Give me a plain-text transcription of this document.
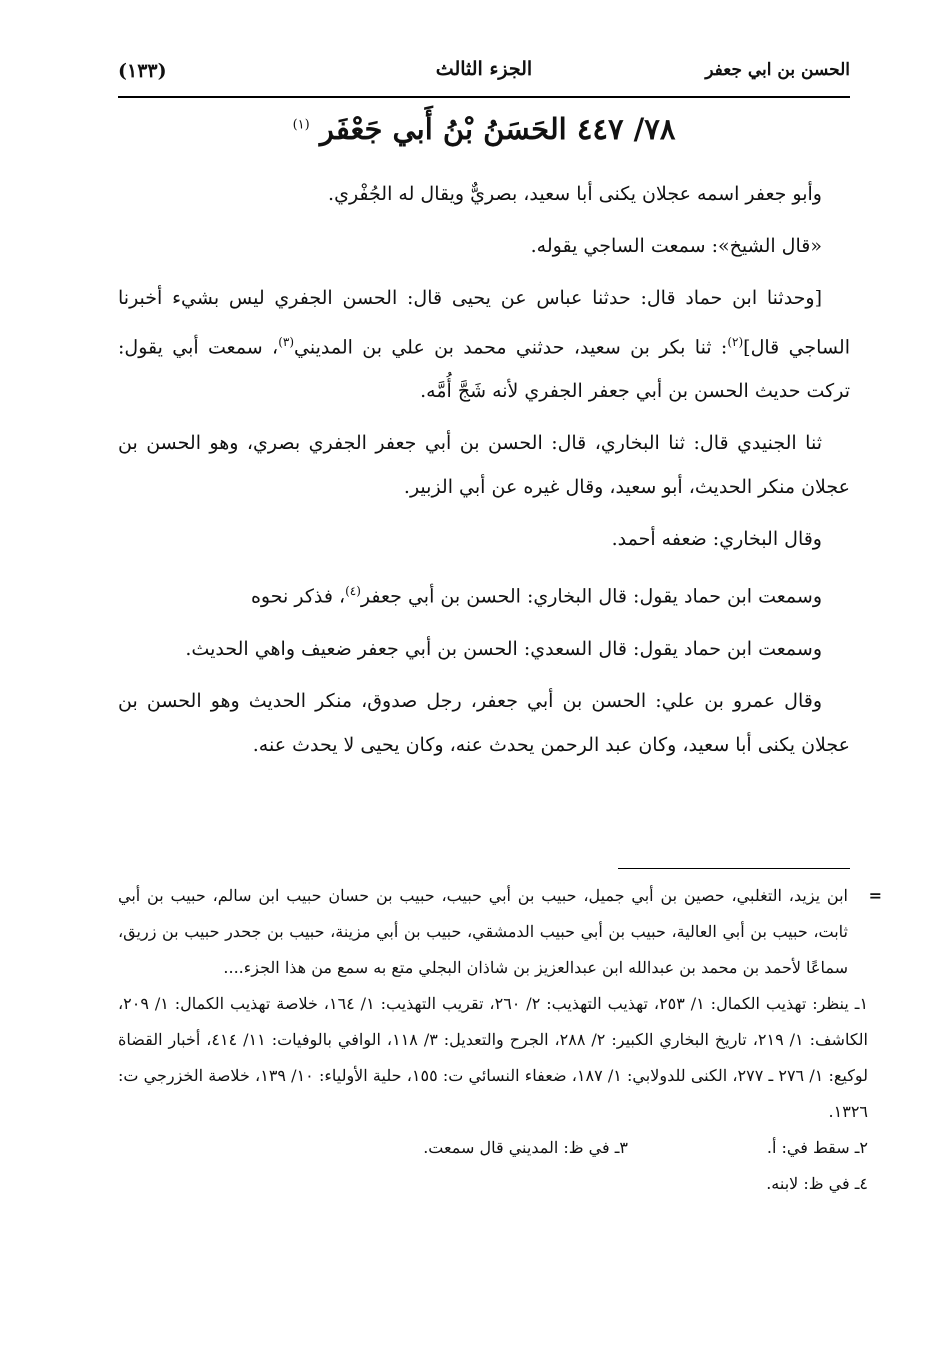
الحسن بن ابي جعفر
الجزء الثالث
(١٣٣)
٧٨/ ٤٤٧ الحَسَنُ بْنُ أَبي جَعْفَر $^{(١)}$

وأبو جعفر اسمه عجلان يكنى أبا سعيد، بصريٌّ ويقال له الجُفْري.

«قال الشيخ»: سمعت الساجي يقوله.

[وحدثنا ابن حماد قال: حدثنا عباس عن يحيى قال: الحسن الجفري ليس بشيء أخبرنا الساجي قال]$^{(٢)}$: ثنا بكر بن سعيد، حدثني محمد بن علي بن المديني$^{(٣)}$، سمعت أبي يقول: تركت حديث الحسن بن أبي جعفر الجفري لأنه شَجَّ أُمَّه.

ثنا الجنيدي قال: ثنا البخاري، قال: الحسن بن أبي جعفر الجفري بصري، وهو الحسن بن عجلان منكر الحديث، أبو سعيد، وقال غيره عن أبي الزبير.

وقال البخاري: ضعفه أحمد.

وسمعت ابن حماد يقول: قال البخاري: الحسن بن أبي جعفر$^{(٤)}$، فذكر نحوه

وسمعت ابن حماد يقول: قال السعدي: الحسن بن أبي جعفر ضعيف واهي الحديث.

وقال عمرو بن علي: الحسن بن أبي جعفر، رجل صدوق، منكر الحديث وهو الحسن بن عجلان يكنى أبا سعيد، وكان عبد الرحمن يحدث عنه، وكان يحيى لا يحدث عنه.

=
ابن يزيد، التغلبي، حصين بن أبي جميل، حبيب بن أبي حبيب، حبيب بن حسان حبيب ابن سالم، حبيب بن أبي ثابت، حبيب بن أبي العالية، حبيب بن أبي حبيب الدمشقي، حبيب بن أبي مزينة، حبيب بن جحدر حبيب بن زريق، سماعًا لأحمد بن محمد بن عبدالله ابن عبدالعزيز بن شاذان البجلي متع به سمع من هذا الجزء....

١ـ ينظر: تهذيب الكمال: ١/ ٢٥٣، تهذيب التهذيب: ٢/ ٢٦٠، تقريب التهذيب: ١/ ١٦٤، خلاصة تهذيب الكمال: ١/ ٢٠٩، الكاشف: ١/ ٢١٩، تاريخ البخاري الكبير: ٢/ ٢٨٨، الجرح والتعديل: ٣/ ١١٨، الوافي بالوفيات: ١١/ ٤١٤، أخبار القضاة لوكيع: ١/ ٢٧٦ ـ ٢٧٧، الكنى للدولابي: ١/ ١٨٧، ضعفاء النسائي ت: ١٥٥، حلية الأولياء: ١٠/ ١٣٩، خلاصة الخزرجي ت: ١٣٢٦.

٢ـ سقط في: أ.

٣ـ في ظ: المديني قال سمعت.

٤ـ في ظ: لابنه.
